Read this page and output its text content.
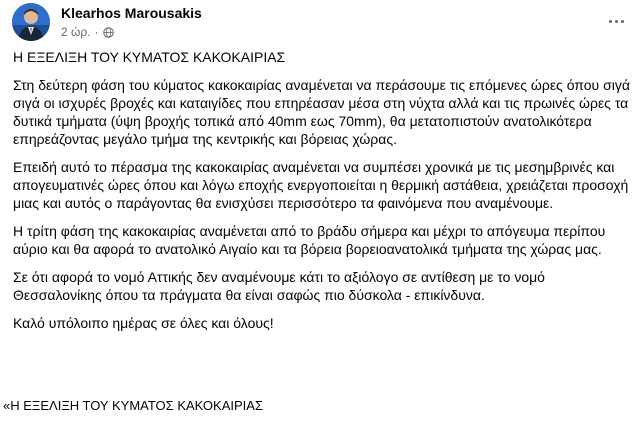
Klearhos Marousakis
2 ώρ. ·

Η ΕΞΕΛΙΞΗ ΤΟΥ ΚΥΜΑΤΟΣ ΚΑΚΟΚΑΙΡΙΑΣ

Στη δεύτερη φάση του κύματος κακοκαιρίας αναμένεται να περάσουμε τις επόμενες ώρες όπου σιγά σιγά οι ισχυρές βροχές και καταιγίδες που επηρέασαν μέσα στη νύχτα αλλά και τις πρωινές ώρες τα δυτικά τμήματα (ύψη βροχής τοπικά από 40mm εως 70mm), θα μετατοπιστούν ανατολικότερα επηρεάζοντας μεγάλο τμήμα της κεντρικής και βόρειας χώρας.

Επειδή αυτό το πέρασμα της κακοκαιρίας αναμένεται να συμπέσει χρονικά με τις μεσημβρινές και απογευματινές ώρες όπου και λόγω εποχής ενεργοποιείται η θερμική αστάθεια, χρειάζεται προσοχή μιας και αυτός ο παράγοντας θα ενισχύσει περισσότερο τα φαινόμενα που αναμένουμε.

Η τρίτη φάση της κακοκαιρίας αναμένεται από το βράδυ σήμερα και μέχρι το απόγευμα περίπου αύριο και θα αφορά το ανατολικό Αιγαίο και τα βόρεια βορειοανατολικά τμήματα της χώρας μας.

Σε ότι αφορά το νομό Αττικής δεν αναμένουμε κάτι το αξιόλογο σε αντίθεση με το νομό Θεσσαλονίκης όπου τα πράγματα θα είναι σαφώς πιο δύσκολα - επικίνδυνα.

Καλό υπόλοιπο ημέρας σε όλες και όλους!

«Η ΕΞΕΛΙΞΗ ΤΟΥ ΚΥΜΑΤΟΣ ΚΑΚΟΚΑΙΡΙΑΣ
